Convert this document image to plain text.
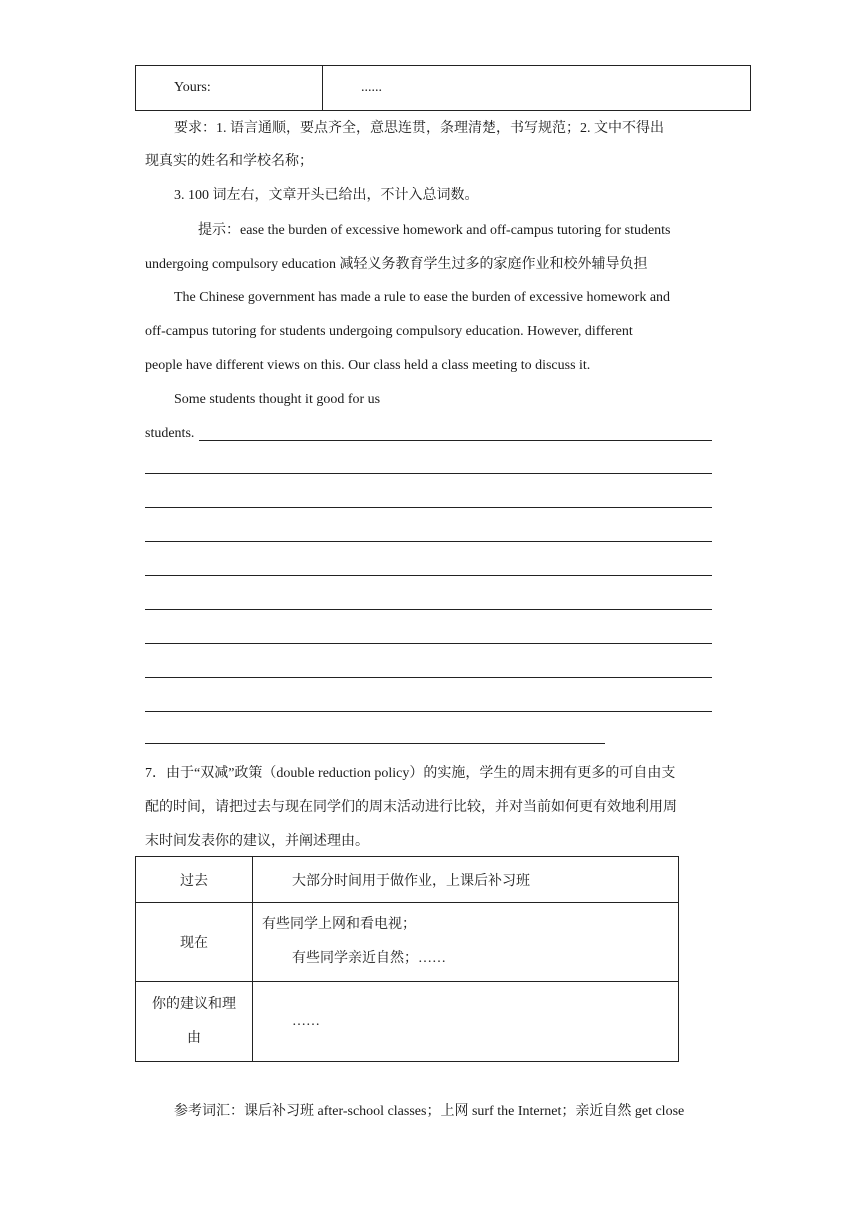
Yours:	......
要求：1. 语言通顺，要点齐全，意思连贯，条理清楚，书写规范；2. 文中不得出
现真实的姓名和学校名称；
3. 100 词左右，文章开头已给出，不计入总词数。
提示：ease the burden of excessive homework and off-campus tutoring for students
undergoing compulsory education 减轻义务教育学生过多的家庭作业和校外辅导负担
The Chinese government has made a rule to ease the burden of excessive homework and
off-campus tutoring for students undergoing compulsory education. However, different
people have different views on this. Our class held a class meeting to discuss it.
Some students thought it good for us
students.
7．由于“双减”政策（double reduction policy）的实施，学生的周末拥有更多的可自由支
配的时间，请把过去与现在同学们的周末活动进行比较，并对当前如何更有效地利用周
末时间发表你的建议，并阐述理由。
过去	大部分时间用于做作业，上课后补习班
现在	有些同学上网和看电视；
有些同学亲近自然；……

你的建议和理
由	……
参考词汇：课后补习班 after-school classes；上网 surf the Internet；亲近自然 get close
